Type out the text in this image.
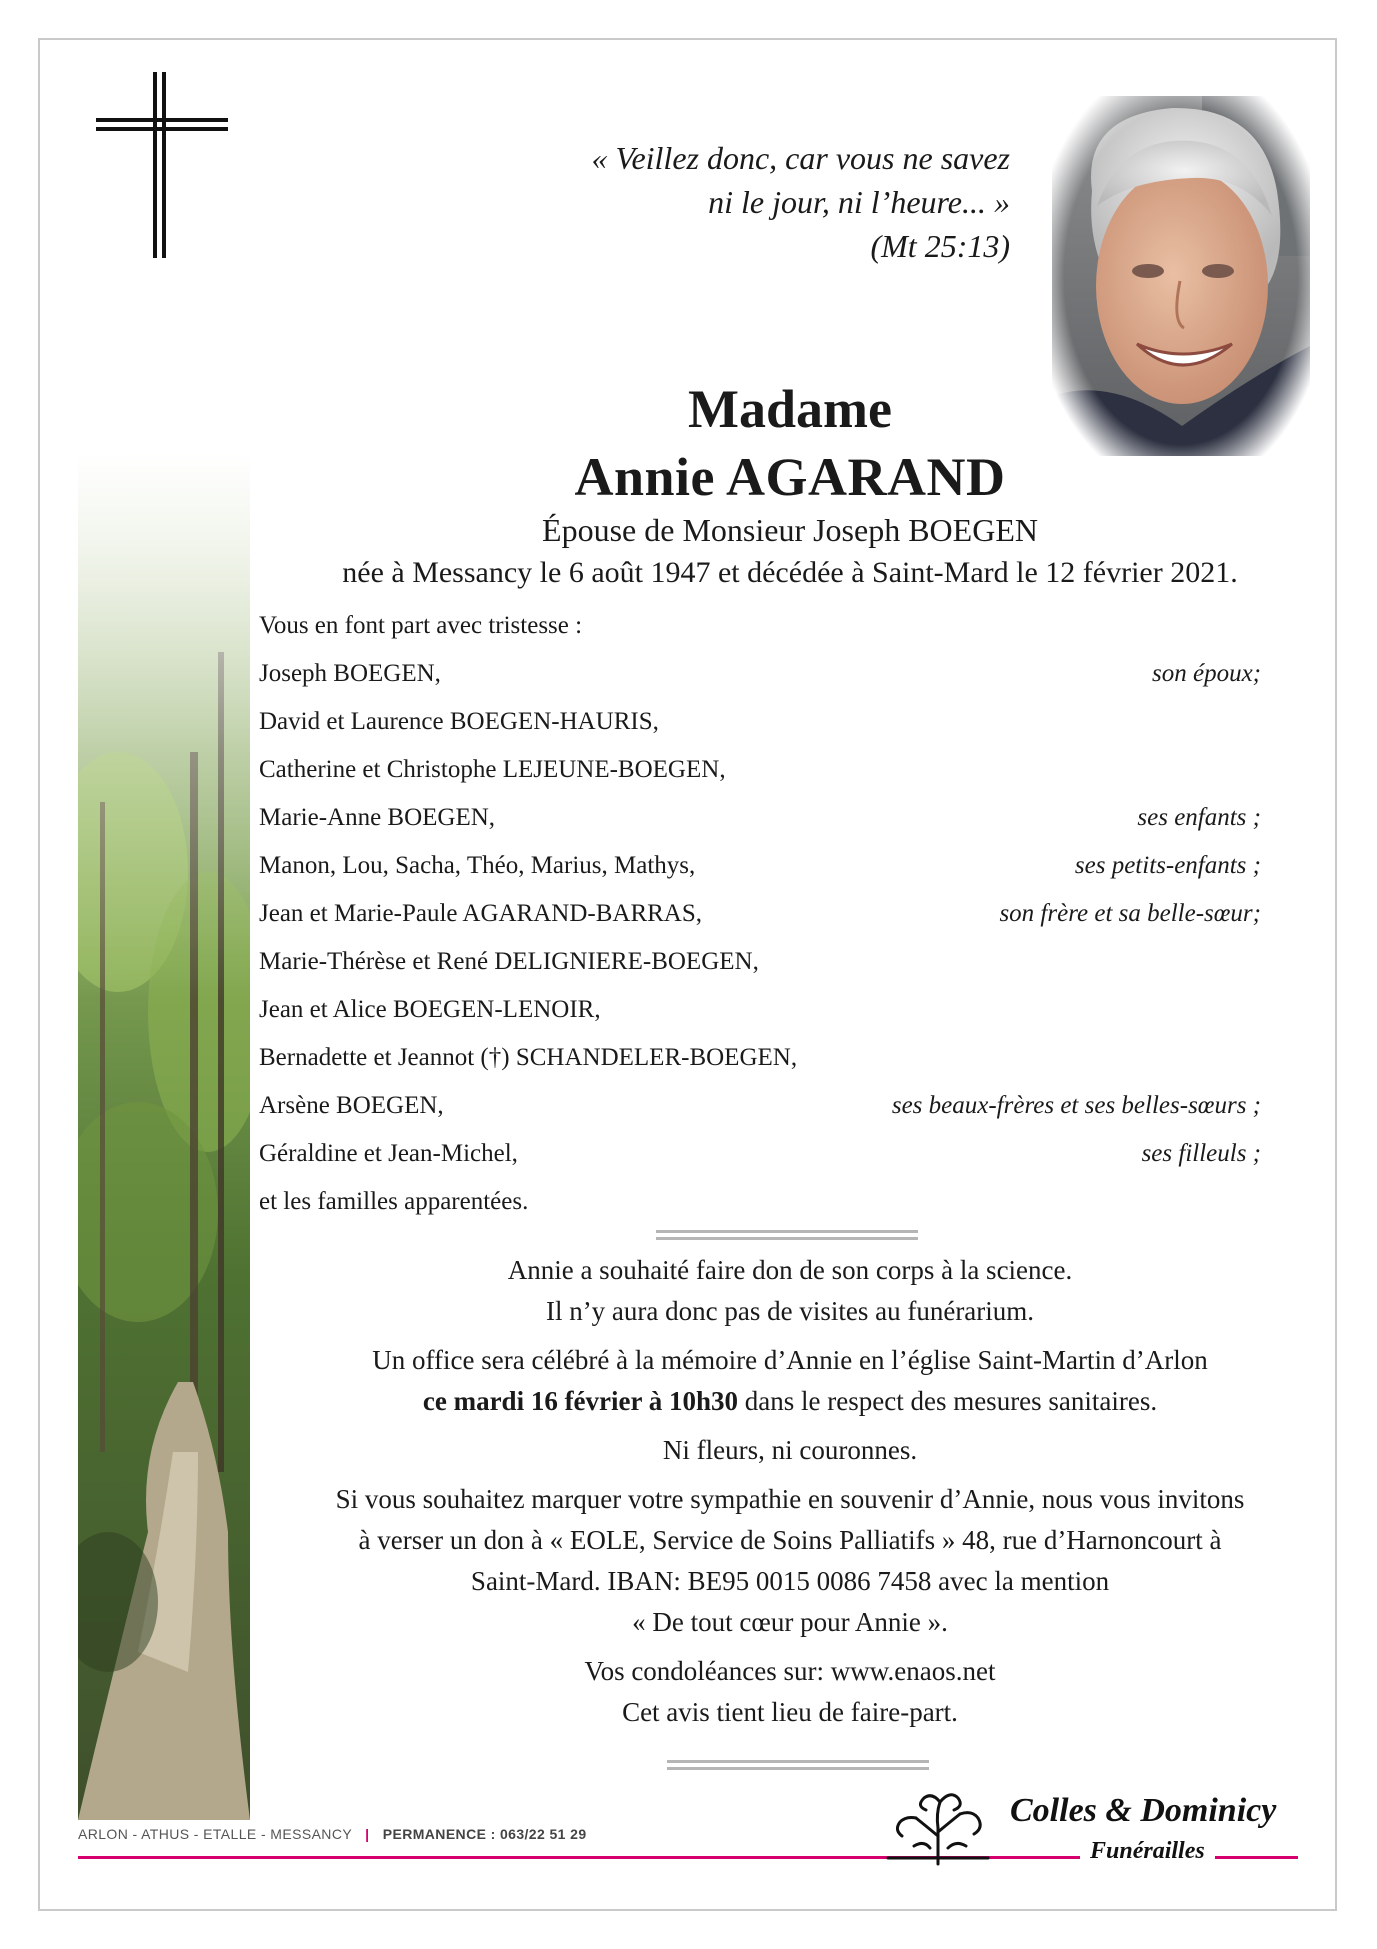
« Veillez donc, car vous ne savez
ni le jour, ni l’heure... »
(Mt 25:13)
Madame
Annie AGARAND
Épouse de Monsieur Joseph BOEGEN
née à Messancy le 6 août 1947 et décédée à Saint-Mard le 12 février 2021.
Vous en font part avec tristesse :
Joseph BOEGEN,	son époux;
David et Laurence BOEGEN-HAURIS,
Catherine et Christophe LEJEUNE-BOEGEN,
Marie-Anne BOEGEN,	ses enfants ;
Manon, Lou, Sacha, Théo, Marius, Mathys,	ses petits-enfants ;
Jean et Marie-Paule AGARAND-BARRAS,	son frère et sa belle-sœur;
Marie-Thérèse et René DELIGNIERE-BOEGEN,
Jean et Alice BOEGEN-LENOIR,
Bernadette et Jeannot (†) SCHANDELER-BOEGEN,
Arsène BOEGEN,	ses beaux-frères et ses belles-sœurs ;
Géraldine et Jean-Michel,	ses filleuls ;
et les familles apparentées.

Annie a souhaité faire don de son corps à la science.

Il n’y aura donc pas de visites au funérarium.

Un office sera célébré à la mémoire d’Annie en l’église Saint-Martin d’Arlon

ce mardi 16 février à 10h30 dans le respect des mesures sanitaires.

Ni fleurs, ni couronnes.

Si vous souhaitez marquer votre sympathie en souvenir d’Annie, nous vous invitons

à verser un don à « EOLE, Service de Soins Palliatifs » 48, rue d’Harnoncourt à

Saint-Mard. IBAN: BE95 0015 0086 7458 avec la mention

« De tout cœur pour Annie ».

Vos condoléances sur: www.enaos.net

Cet avis tient lieu de faire-part.

ARLON - ATHUS - ETALLE - MESSANCY | PERMANENCE : 063/22 51 29
Colles & Dominicy
Funérailles
